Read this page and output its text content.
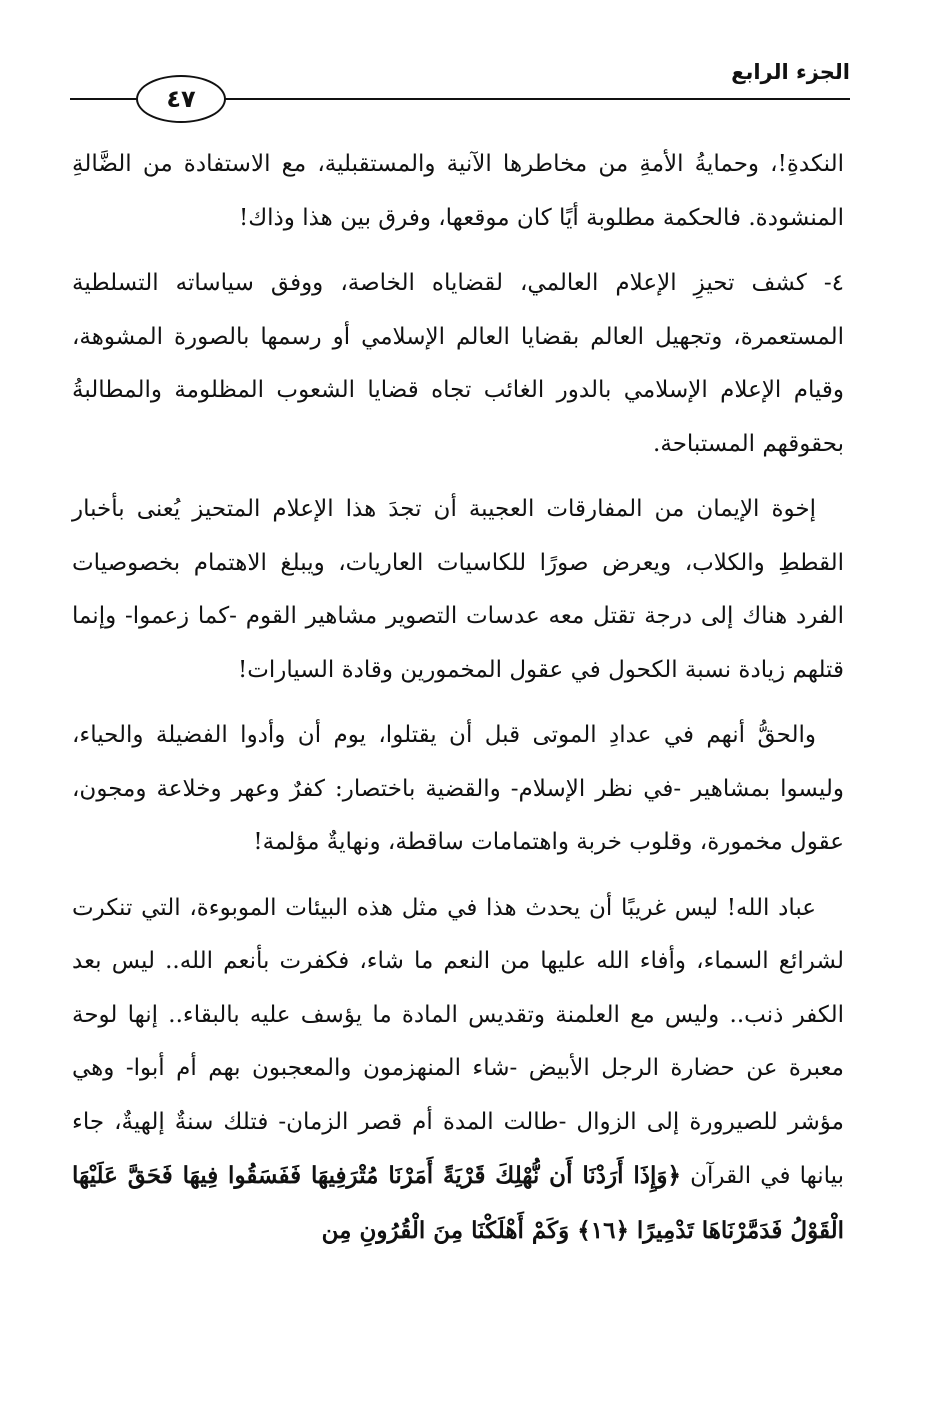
الجزء الرابع
٤٧

النكدةِ!، وحمايةُ الأمةِ من مخاطرها الآنية والمستقبلية، مع الاستفادة من الضَّالةِ المنشودة. فالحكمة مطلوبة أيًا كان موقعها، وفرق بين هذا وذاك!

٤- كشف تحيزِ الإعلام العالمي، لقضاياه الخاصة، ووفق سياساته التسلطية المستعمرة، وتجهيل العالم بقضايا العالم الإسلامي أو رسمها بالصورة المشوهة، وقيام الإعلام الإسلامي بالدور الغائب تجاه قضايا الشعوب المظلومة والمطالبةُ بحقوقهم المستباحة.

إخوة الإيمان من المفارقات العجيبة أن تجدَ هذا الإعلام المتحيز يُعنى بأخبار القططِ والكلاب، ويعرض صورًا للكاسيات العاريات، ويبلغ الاهتمام بخصوصيات الفرد هناك إلى درجة تقتل معه عدسات التصوير مشاهير القوم -كما زعموا- وإنما قتلهم زيادة نسبة الكحول في عقول المخمورين وقادة السيارات!

والحقُّ أنهم في عدادِ الموتى قبل أن يقتلوا، يوم أن وأدوا الفضيلة والحياء، وليسوا بمشاهير -في نظر الإسلام- والقضية باختصار: كفرٌ وعهر وخلاعة ومجون، عقول مخمورة، وقلوب خربة واهتمامات ساقطة، ونهايةٌ مؤلمة!

عباد الله! ليس غريبًا أن يحدث هذا في مثل هذه البيئات الموبوءة، التي تنكرت لشرائع السماء، وأفاء الله عليها من النعم ما شاء، فكفرت بأنعم الله.. ليس بعد الكفر ذنب.. وليس مع العلمنة وتقديس المادة ما يؤسف عليه بالبقاء.. إنها لوحة معبرة عن حضارة الرجل الأبيض -شاء المنهزمون والمعجبون بهم أم أبوا- وهي مؤشر للصيرورة إلى الزوال -طالت المدة أم قصر الزمان- فتلك سنةٌ إلهيةٌ، جاء بيانها في القرآن ﴿وَإِذَا أَرَدْنَا أَن نُّهْلِكَ قَرْيَةً أَمَرْنَا مُتْرَفِيهَا فَفَسَقُوا فِيهَا فَحَقَّ عَلَيْهَا الْقَوْلُ فَدَمَّرْنَاهَا تَدْمِيرًا ﴿١٦﴾ وَكَمْ أَهْلَكْنَا مِنَ الْقُرُونِ مِن
